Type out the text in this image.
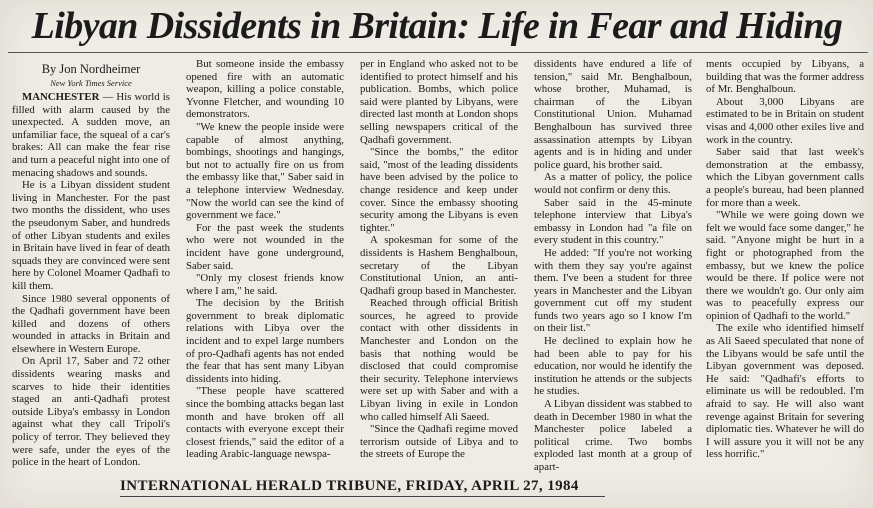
Libyan Dissidents in Britain: Life in Fear and Hiding
By Jon Nordheimer
New York Times Service

MANCHESTER — His world is filled with alarm caused by the unexpected. A sudden move, an unfamiliar face, the squeal of a car's brakes: All can make the fear rise and turn a peaceful night into one of menacing shadows and sounds.

He is a Libyan dissident student living in Manchester. For the past two months the dissident, who uses the pseudonym Saber, and hundreds of other Libyan students and exiles in Britain have lived in fear of death squads they are convinced were sent here by Colonel Moamer Qadhafi to kill them.

Since 1980 several opponents of the Qadhafi government have been killed and dozens of others wounded in attacks in Britain and elsewhere in Western Europe.

On April 17, Saber and 72 other dissidents wearing masks and scarves to hide their identities staged an anti-Qadhafi protest outside Libya's embassy in London against what they call Tripoli's policy of terror. They believed they were safe, under the eyes of the police in the heart of London.

But someone inside the embassy opened fire with an automatic weapon, killing a police constable, Yvonne Fletcher, and wounding 10 demonstrators.

"We knew the people inside were capable of almost anything, bombings, shootings and hangings, but not to actually fire on us from the embassy like that," Saber said in a telephone interview Wednesday. "Now the world can see the kind of government we face."

For the past week the students who were not wounded in the incident have gone underground, Saber said.

"Only my closest friends know where I am," he said.

The decision by the British government to break diplomatic relations with Libya over the incident and to expel large numbers of pro-Qadhafi agents has not ended the fear that has sent many Libyan dissidents into hiding.

"These people have scattered since the bombing attacks began last month and have broken off all contacts with everyone except their closest friends," said the editor of a leading Arabic-language newspa-

per in England who asked not to be identified to protect himself and his publication. Bombs, which police said were planted by Libyans, were directed last month at London shops selling newspapers critical of the Qadhafi government.

"Since the bombs," the editor said, "most of the leading dissidents have been advised by the police to change residence and keep under cover. Since the embassy shooting security among the Libyans is even tighter."

A spokesman for some of the dissidents is Hashem Benghalboun, secretary of the Libyan Constitutional Union, an anti-Qadhafi group based in Manchester.

Reached through official British sources, he agreed to provide contact with other dissidents in Manchester and London on the basis that nothing would be disclosed that could compromise their security. Telephone interviews were set up with Saber and with a Libyan living in exile in London who called himself Ali Saeed.

"Since the Qadhafi regime moved terrorism outside of Libya and to the streets of Europe the

dissidents have endured a life of tension," said Mr. Benghalboun, whose brother, Muhamad, is chairman of the Libyan Constitutional Union. Muhamad Benghalboun has survived three assassination attempts by Libyan agents and is in hiding and under police guard, his brother said.

As a matter of policy, the police would not confirm or deny this.

Saber said in the 45-minute telephone interview that Libya's embassy in London had "a file on every student in this country."

He added: "If you're not working with them they say you're against them. I've been a student for three years in Manchester and the Libyan government cut off my student funds two years ago so I know I'm on their list."

He declined to explain how he had been able to pay for his education, nor would he identify the institution he attends or the subjects he studies.

A Libyan dissident was stabbed to death in December 1980 in what the Manchester police labeled a political crime. Two bombs exploded last month at a group of apart-

ments occupied by Libyans, a building that was the former address of Mr. Benghalboun.

About 3,000 Libyans are estimated to be in Britain on student visas and 4,000 other exiles live and work in the country.

Saber said that last week's demonstration at the embassy, which the Libyan government calls a people's bureau, had been planned for more than a week.

"While we were going down we felt we would face some danger," he said. "Anyone might be hurt in a fight or photographed from the embassy, but we knew the police would be there. If police were not there we wouldn't go. Our only aim was to peacefully express our opinion of Qadhafi to the world."

The exile who identified himself as Ali Saeed speculated that none of the Libyans would be safe until the Libyan government was deposed. He said: "Qadhafi's efforts to eliminate us will be redoubled. I'm afraid to say. He will also want revenge against Britain for severing diplomatic ties. Whatever he will do I will assure you it will not be any less horrific."

INTERNATIONAL HERALD TRIBUNE, FRIDAY, APRIL 27, 1984
